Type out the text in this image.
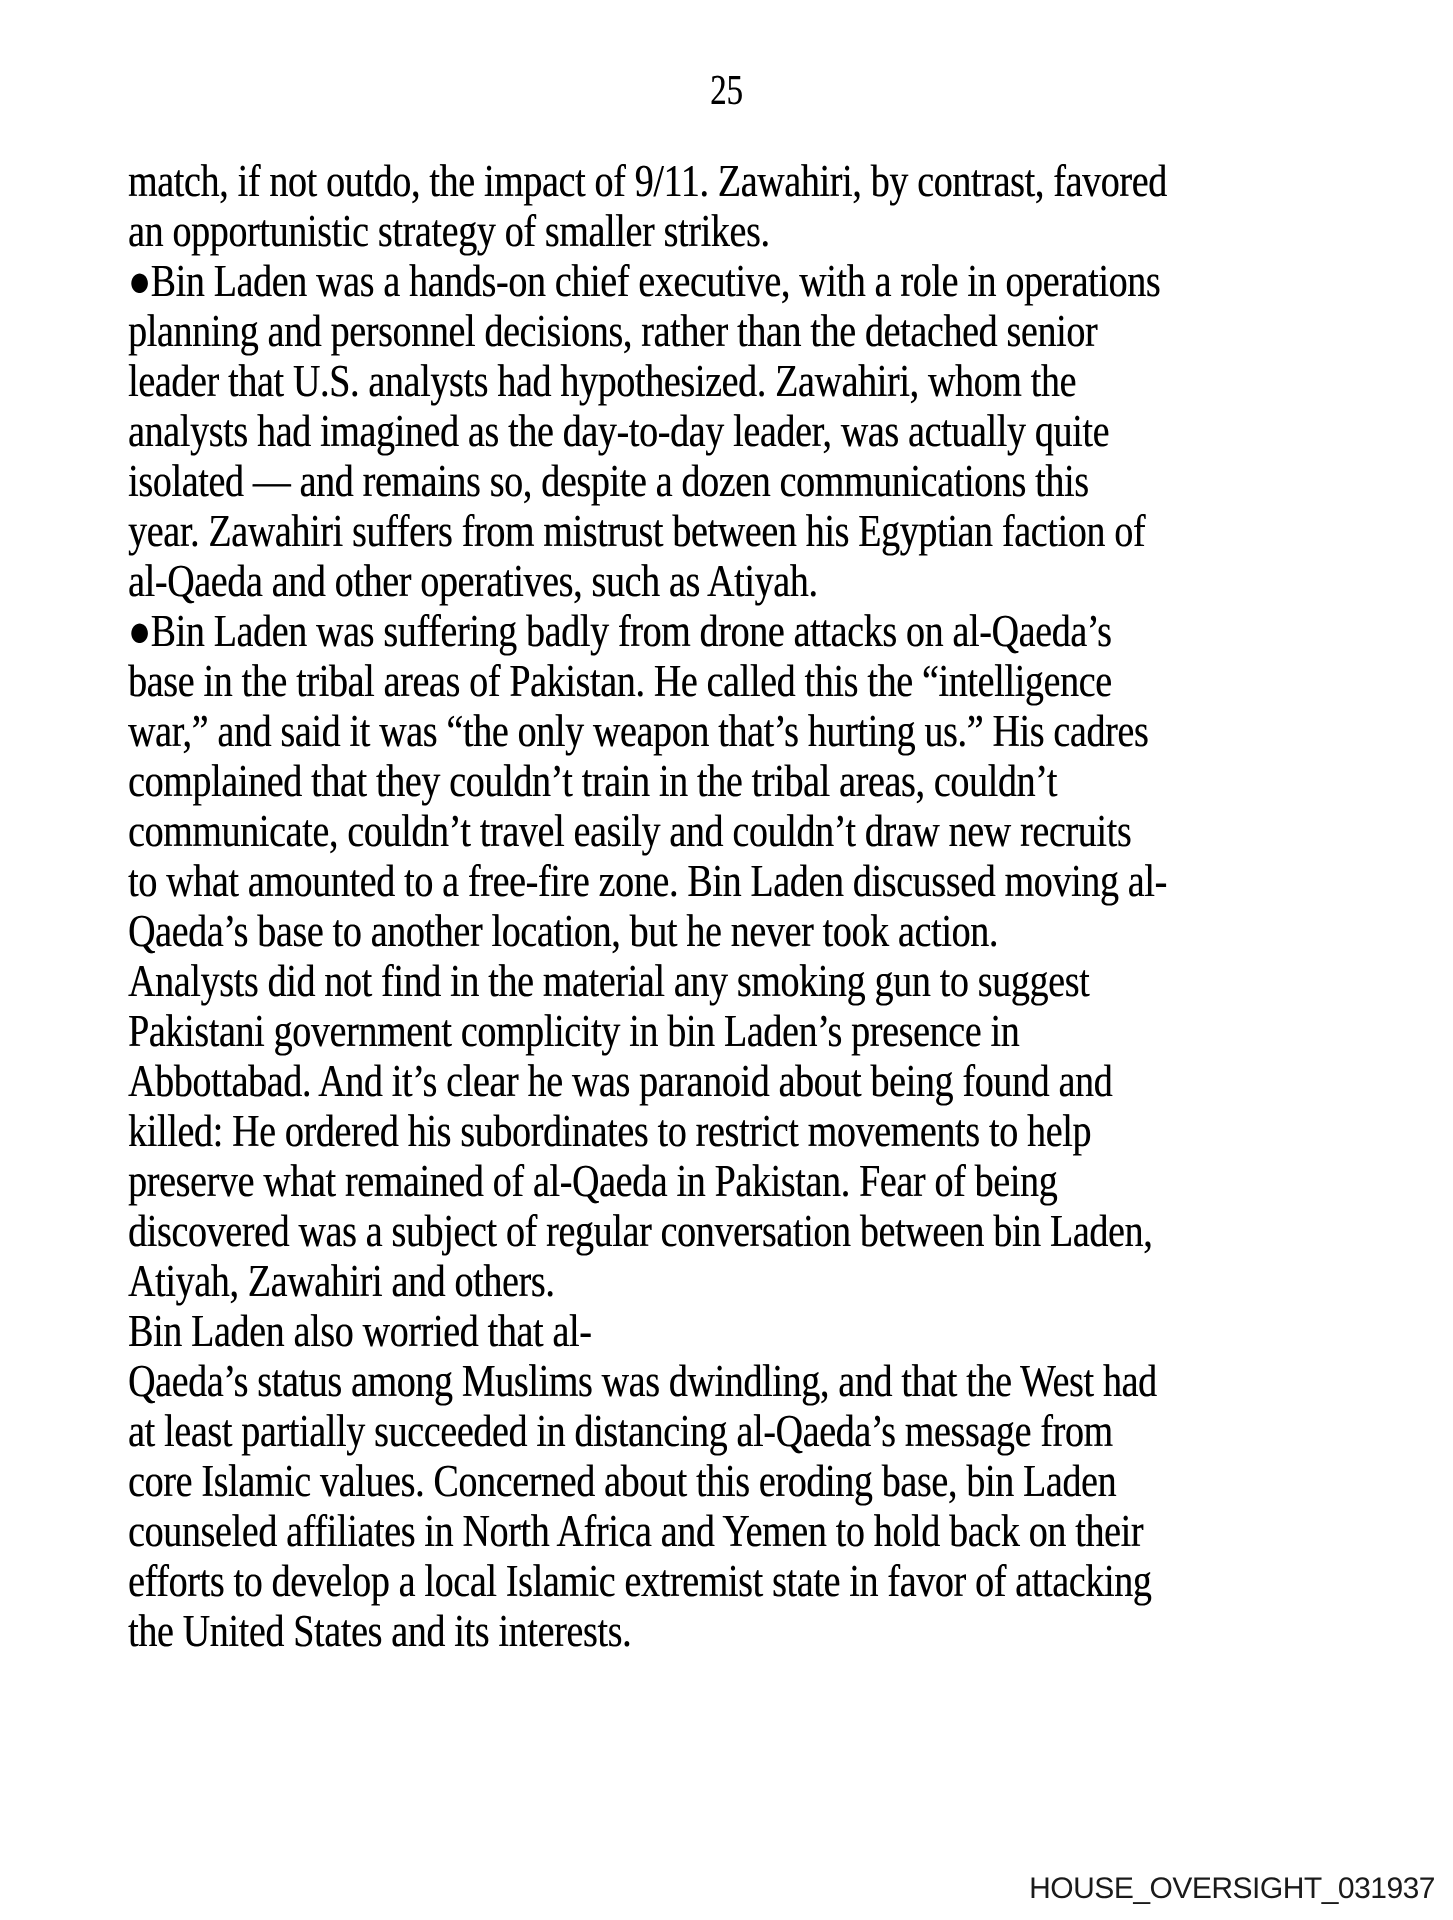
25
match, if not outdo, the impact of 9/11. Zawahiri, by contrast, favored
an opportunistic strategy of smaller strikes.
●Bin Laden was a hands-on chief executive, with a role in operations
planning and personnel decisions, rather than the detached senior
leader that U.S. analysts had hypothesized. Zawahiri, whom the
analysts had imagined as the day-to-day leader, was actually quite
isolated — and remains so, despite a dozen communications this
year. Zawahiri suffers from mistrust between his Egyptian faction of
al-Qaeda and other operatives, such as Atiyah.
●Bin Laden was suffering badly from drone attacks on al-Qaeda’s
base in the tribal areas of Pakistan. He called this the “intelligence
war,” and said it was “the only weapon that’s hurting us.” His cadres
complained that they couldn’t train in the tribal areas, couldn’t
communicate, couldn’t travel easily and couldn’t draw new recruits
to what amounted to a free-fire zone. Bin Laden discussed moving al-
Qaeda’s base to another location, but he never took action.
Analysts did not find in the material any smoking gun to suggest
Pakistani government complicity in bin Laden’s presence in
Abbottabad. And it’s clear he was paranoid about being found and
killed: He ordered his subordinates to restrict movements to help
preserve what remained of al-Qaeda in Pakistan. Fear of being
discovered was a subject of regular conversation between bin Laden,
Atiyah, Zawahiri and others.
Bin Laden also worried that al-
Qaeda’s status among Muslims was dwindling, and that the West had
at least partially succeeded in distancing al-Qaeda’s message from
core Islamic values. Concerned about this eroding base, bin Laden
counseled affiliates in North Africa and Yemen to hold back on their
efforts to develop a local Islamic extremist state in favor of attacking
the United States and its interests.
HOUSE_OVERSIGHT_031937
